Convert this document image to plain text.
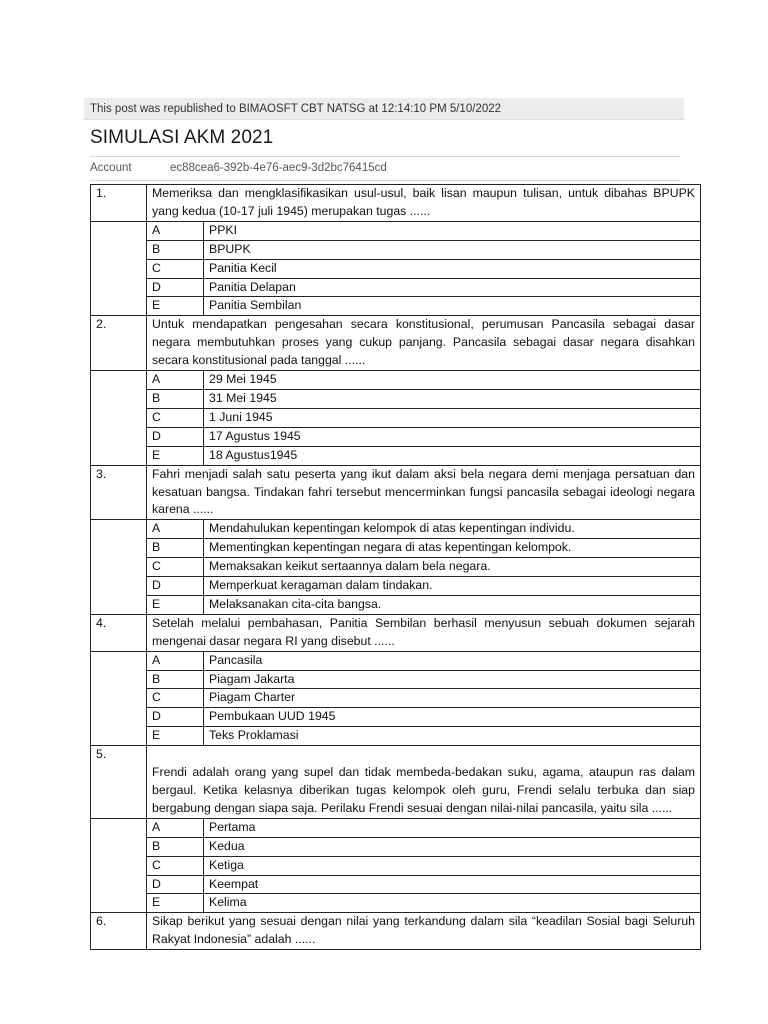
This post was republished to BIMAOSFT CBT NATSG at 12:14:10 PM 5/10/2022
SIMULASI AKM 2021
Account	ec88cea6-392b-4e76-aec9-3d2bc76415cd
1.	Memeriksa dan mengklasifikasikan usul-usul, baik lisan maupun tulisan, untuk dibahas BPUPK yang kedua (10-17 juli 1945) merupakan tugas ......	

	A	PPKI
	B	BPUPK
	C	Panitia Kecil
	D	Panitia Delapan
	E	Panitia Sembilan
2.	Untuk mendapatkan pengesahan secara konstitusional, perumusan Pancasila sebagai dasar negara membutuhkan proses yang cukup panjang. Pancasila sebagai dasar negara disahkan secara konstitusional pada tanggal ......	

	A	29 Mei 1945
	B	31 Mei 1945
	C	1 Juni 1945
	D	17 Agustus 1945
	E	18 Agustus1945
3.	Fahri menjadi salah satu peserta yang ikut dalam aksi bela negara demi menjaga persatuan dan kesatuan bangsa. Tindakan fahri tersebut mencerminkan fungsi pancasila sebagai ideologi negara karena ......	

	A	Mendahulukan kepentingan kelompok di atas kepentingan individu.
	B	Mementingkan kepentingan negara di atas kepentingan kelompok.
	C	Memaksakan keikut sertaannya dalam bela negara.
	D	Memperkuat keragaman dalam tindakan.
	E	Melaksanakan cita-cita bangsa.
4.	Setelah melalui pembahasan, Panitia Sembilan berhasil menyusun sebuah dokumen sejarah mengenai dasar negara RI yang disebut ......	

	A	Pancasila
	B	Piagam Jakarta
	C	Piagam Charter
	D	Pembukaan UUD 1945
	E	Teks Proklamasi
5.	Frendi adalah orang yang supel dan tidak membeda-bedakan suku, agama, ataupun ras dalam bergaul. Ketika kelasnya diberikan tugas kelompok oleh guru, Frendi selalu terbuka dan siap bergabung dengan siapa saja. Perilaku Frendi sesuai dengan nilai-nilai pancasila, yaitu sila ......	

	A	Pertama
	B	Kedua
	C	Ketiga
	D	Keempat
	E	Kelima
6.	Sikap berikut yang sesuai dengan nilai yang terkandung dalam sila “keadilan Sosial bagi Seluruh Rakyat Indonesia” adalah ......	
